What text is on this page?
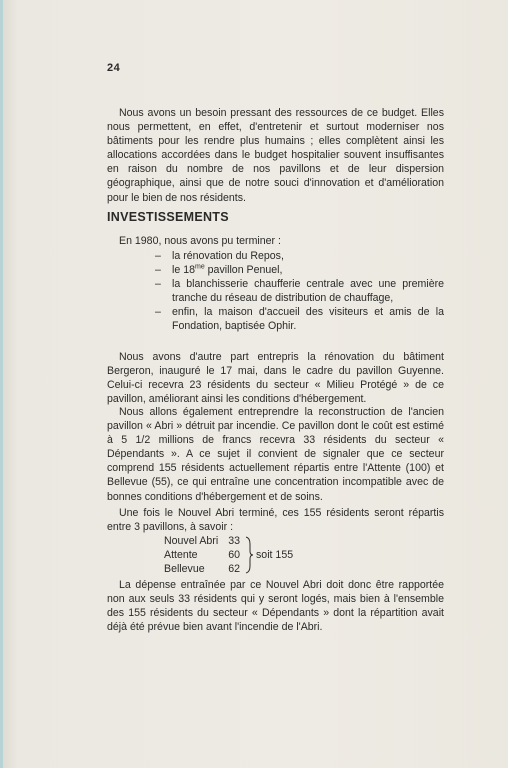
24

Nous avons un besoin pressant des ressources de ce budget. Elles nous permettent, en effet, d'entretenir et surtout moderniser nos bâtiments pour les rendre plus humains ; elles complètent ainsi les allocations accordées dans le budget hospitalier souvent insuffisantes en raison du nombre de nos pavillons et de leur dispersion géographique, ainsi que de notre souci d'innovation et d'amélioration pour le bien de nos résidents.

INVESTISSEMENTS
En 1980, nous avons pu terminer :
– la rénovation du Repos,
– le $18^{me}$ pavillon Penuel,
– la blanchisserie chaufferie centrale avec une première tranche du réseau de distribution de chauffage,
– enfin, la maison d'accueil des visiteurs et amis de la Fondation, baptisée Ophir.

Nous avons d'autre part entrepris la rénovation du bâtiment Bergeron, inauguré le 17 mai, dans le cadre du pavillon Guyenne. Celui-ci recevra 23 résidents du secteur « Milieu Protégé » de ce pavillon, améliorant ainsi les conditions d'hébergement.

Nous allons également entreprendre la reconstruction de l'ancien pavillon « Abri » détruit par incendie. Ce pavillon dont le coût est estimé à 5 1/2 millions de francs recevra 33 résidents du secteur « Dépendants ». A ce sujet il convient de signaler que ce secteur comprend 155 résidents actuellement répartis entre l'Attente (100) et Bellevue (55), ce qui entraîne une concentration incompatible avec de bonnes conditions d'hébergement et de soins.

Une fois le Nouvel Abri terminé, ces 155 résidents seront répartis entre 3 pavillons, à savoir :

Nouvel Abri 33
Attente	60
Bellevue	62
soit 155

La dépense entraînée par ce Nouvel Abri doit donc être rapportée non aux seuls 33 résidents qui y seront logés, mais bien à l'ensemble des 155 résidents du secteur « Dépendants » dont la répartition avait déjà été prévue bien avant l'incendie de l'Abri.
